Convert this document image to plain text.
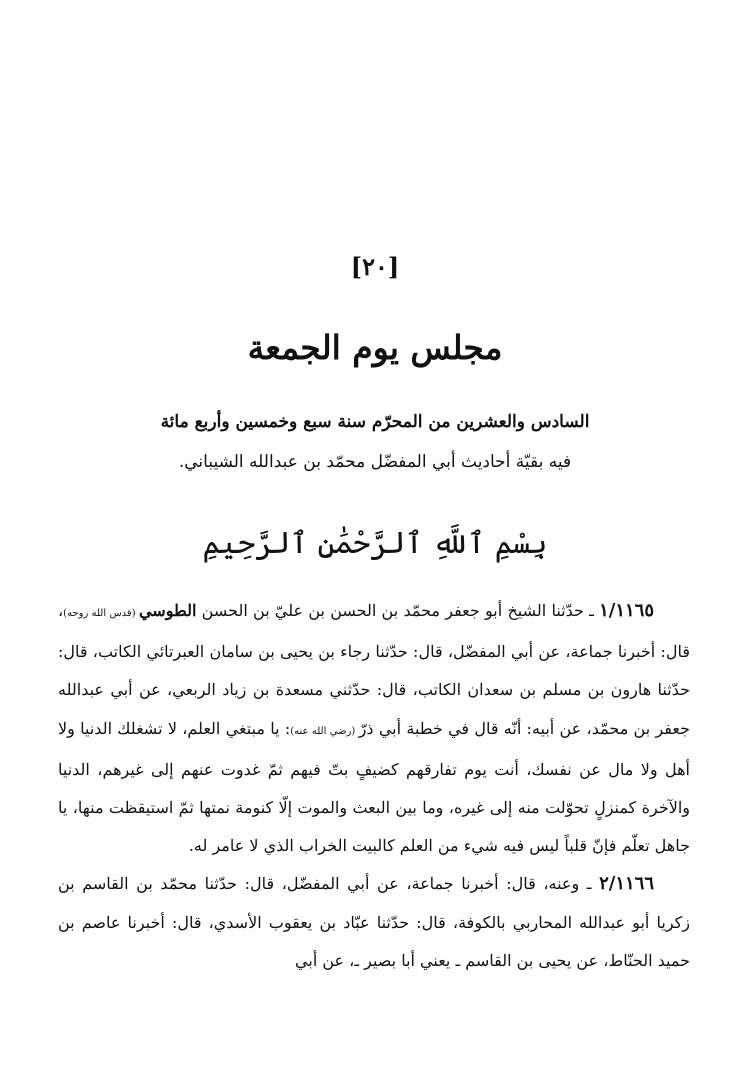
[٢٠]
مجلس يوم الجمعة
السادس والعشرين من المحرّم سنة سبع وخمسين وأربع مائة
فيه بقيّة أحاديث أبي المفضّل محمّد بن عبدالله الشيباني.
بِسْمِ ٱللَّهِ ٱلرَّحْمَٰنِ ٱلرَّحِيمِ

١/١١٦٥ ـ حدّثنا الشيخ أبو جعفر محمّد بن الحسن بن عليّ بن الحسن الطوسي (قدس الله روحه)، قال: أخبرنا جماعة، عن أبي المفضّل، قال: حدّثنا رجاء بن يحيى بن سامان العبرتائي الكاتب، قال: حدّثنا هارون بن مسلم بن سعدان الكاتب، قال: حدّثني مسعدة بن زياد الربعي، عن أبي عبدالله جعفر بن محمّد، عن أبيه: أنّه قال في خطبة أبي ذرّ (رضي الله عنه): يا مبتغي العلم، لا تشغلك الدنيا ولا أهل ولا مال عن نفسك، أنت يوم تفارقهم كضيفٍ بتّ فيهم ثمّ غدوت عنهم إلى غيرهم، الدنيا والآخرة كمنزلٍ تحوّلت منه إلى غيره، وما بين البعث والموت إلّا كنومة نمتها ثمّ استيقظت منها، يا جاهل تعلّم فإنّ قلباً ليس فيه شيء من العلم كالبيت الخراب الذي لا عامر له.

٢/١١٦٦ ـ وعنه، قال: أخبرنا جماعة، عن أبي المفضّل، قال: حدّثنا محمّد بن القاسم بن زكريا أبو عبدالله المحاربي بالكوفة، قال: حدّثنا عبّاد بن يعقوب الأسدي، قال: أخبرنا عاصم بن حميد الحنّاط، عن يحيى بن القاسم ـ يعني أبا بصير ـ، عن أبي
